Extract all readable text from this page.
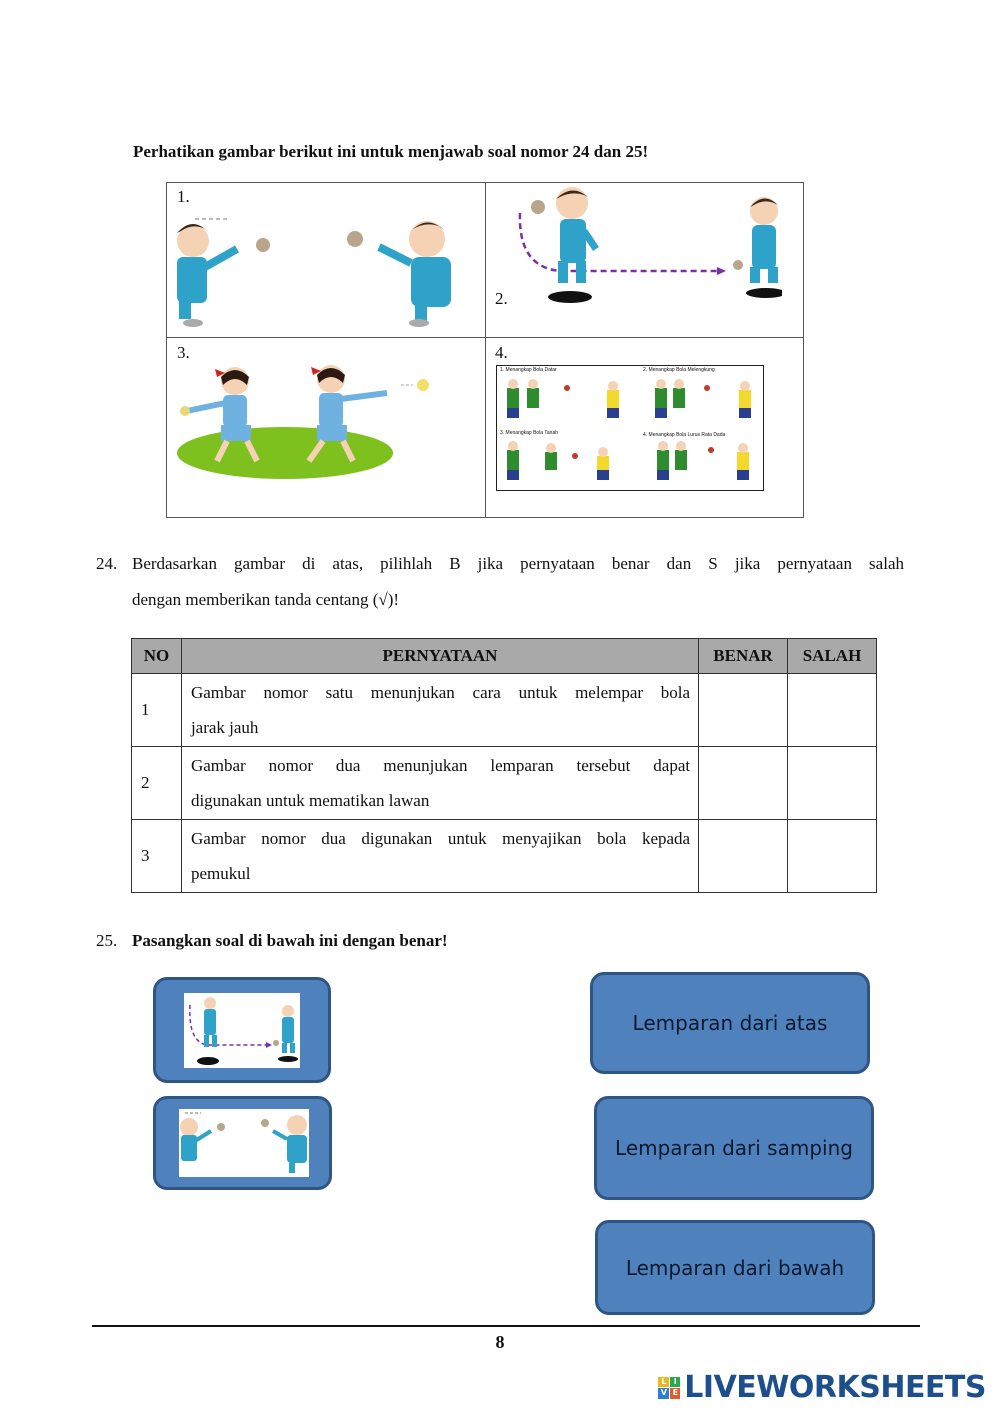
Perhatikan gambar berikut ini untuk menjawab soal nomor 24 dan 25!
1.
2.
3.	4.
1. Menangkap Bola Datar	2. Menangkap Bola Melengkung
3. Menangkap Bola Tanah	4. Menangkap Bola Lurus Rata Dada
24. Berdasarkan gambar di atas, pilihlah B jika pernyataan benar dan S jika pernyataan salah
dengan memberikan tanda centang (√)!
NO	PERNYATAAN	BENAR	SALAH
1	Gambar nomor satu menunjukan cara untuk melempar bola
jarak jauh		

2	Gambar nomor dua menunjukan lemparan tersebut dapat
digunakan untuk mematikan lawan		

3	Gambar nomor dua digunakan untuk menyajikan bola kepada
pemukul		

25. Pasangkan soal di bawah ini dengan benar!
Lemparan dari atas
Lemparan dari samping
Lemparan dari bawah
8
L I
V E LIVEWORKSHEETS
